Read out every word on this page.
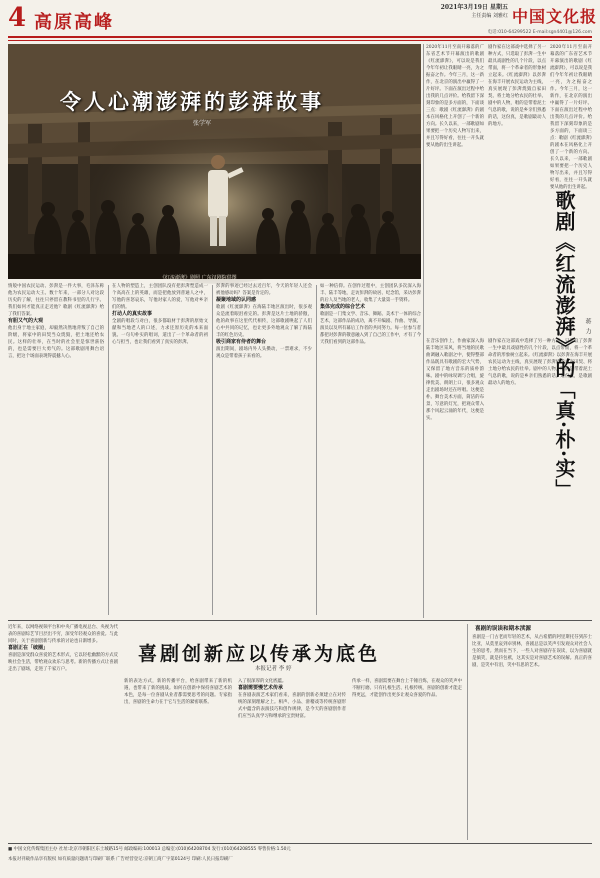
4 高原高峰
2021年3月19日 星期五
主任责编 刘雅红 中国文化报
电话:010-64299522 E-mail:sgn4401@126.com
令人心潮澎湃的彭湃故事
张学军
《红流澎湃》剧照 广东汉剧院供图
2020年11月至南开幕落的广东省艺术节开幕演出的歌剧《红流澎湃》，可以说是我们今年年初让我眼睛一亮，为之振奋之作。今年三月，这一新作，在北京的演出中赢得了一片好评。下面在演出过程中给出我的几点评价。给我留下深刻印象的是多方面的，下面谈三点：歌剧《红流澎湃》的剧本在风格化上开创了一个新的方向。长久以来，一部歌剧如果要把一个历史人物写出来，并且写得好看，往往一开头就要从他的出生讲起。
剧作家在这部戏中选择了另一种方式，只选取了彭湃一生中最具戏剧性的几个片段，以点带面，将一个革命者的形象树立起来。《红流澎湃》以彭湃在海丰开展农民运动为主线，真实展现了彭湃烧毁自家田契、将土地分给农民的壮举。剧中的人物，唱的是带着泥土气息的歌，说的是乡亲们熟悉的话，这份真，是歌剧最动人的地方。
在音乐创作上，作曲家深入海陆丰地区采风，将当地的民歌曲调融入歌剧之中，使得整部作品既具有歌剧的宏大气势，又保留了地方音乐的质朴韵味。剧中的咏叹调与合唱，旋律优美、朗朗上口，很多观众走出剧场时还在哼唱。这便是朴。舞台美术方面，简洁的布景，写意的灯光，把观众带入那个风起云涌的年代，这便是实。
剧作家在这部戏中选择了另一种方式，只选取了彭湃一生中最具戏剧性的几个片段，以点带面，将一个革命者的形象树立起来。《红流澎湃》以彭湃在海丰开展农民运动为主线，真实展现了彭湃烧毁自家田契、将土地分给农民的壮举。剧中的人物，唱的是带着泥土气息的歌，说的是乡亲们熟悉的话，这份真，是歌剧最动人的地方。
2020年11月至南开幕落的广东省艺术节开幕演出的歌剧《红流澎湃》，可以说是我们今年年初让我眼睛一亮，为之振奋之作。今年三月，这一新作，在北京的演出中赢得了一片好评。下面在演出过程中给出我的几点评价。给我留下深刻印象的是多方面的，下面谈三点：歌剧《红流澎湃》的剧本在风格化上开创了一个新的方向。长久以来，一部歌剧如果要把一个历史人物写出来，并且写得好看，往往一开头就要从他的出生讲起。
歌剧《红流澎湃》的「真·朴·实」	蒋力
情般中国农民运动、彭湃是一件大事，毛泽东称他为农民运动大王。数十年来，一部分人对这段历史的了解，往往只停留在教科书里的几行字。我们如何才能真正走近他？歌剧《红流澎湃》给了我们答案。
有胆又气的大观
他出身于地主家庭，却毅然决然地背叛了自己的阶级，将家中的田契当众烧毁，把土地还给农民。这样的壮举，在当时的社会里是惊世骇俗的，也是需要巨大勇气的。这部歌剧用舞台语言，把这个场面表现得震撼人心。
在人物的塑造上，主创团队没有把彭湃塑造成一个高高在上的英雄，而是把他放到普通人之中，写他的喜怒哀乐，写他对家人的爱，写他对乡亲们的情。
打动人的真实故事
全剧的唱段与对白，很多都取材于彭湃的原始文献和当地老人的口述，力求还原历史的本来面貌。一句句朴实的唱词，道出了一个革命者的初心与担当，也让我们看到了真实的彭湃。
彭湃的事迹已经过去近百年，今天的年轻人还会被他感动吗？答案是肯定的。
凝聚地域的认同感
歌剧《红流澎湃》在海陆丰地区演出时，很多观众是流着眼泪看完的。彭湃是这片土地的骄傲，他的故事在这里代代相传，这部歌剧唤起了人们心中共同的记忆，也让更多外地观众了解了海陆丰的红色历史。
吸引商家有侍者的舞台
演出期间，剧场内外人头攒动，一票难求，不少观众是带着孩子来看的。
如一种信仰。在创作过程中，主创团队多次深入海丰、陆丰等地，走访彭湃的故居、纪念馆，采访彭湃的后人及当地的老人，收集了大量第一手资料。
集体完成的综合艺术
歌剧是一门集文学、音乐、舞蹈、美术于一体的综合艺术，这部作品的成功，离不开编剧、作曲、导演、演员以及所有幕后工作者的共同努力。每一位参与者都把对彭湃的敬意融入到了自己的工作中，才有了今天我们看到的这部作品。
近年来，以网络视频平台和中央广播电视总台、央视为代表的喜剧综艺节目层出不穷，深受年轻观众的喜爱。与此同时，关于喜剧创新与传承的讨论也日渐增多。
喜剧正在「破圈」
喜剧是深受群众喜爱的艺术形式，它以轻松幽默的方式反映社会生活，带给观众欢乐与思考。新的传播方式让喜剧走出了剧场，走进了千家万户。
喜剧创新应以传承为底色
本报记者 李 婷
新的表达方式，新的传播平台，给喜剧带来了新的机遇，也带来了新的挑战。如何在创新中保持喜剧艺术的本色，是每一位喜剧从业者都需要思考的问题。专家指出，喜剧的生命力在于它与生活的紧密联系。
入了很深厚的文化底蕴。
喜剧需要慢艺术传承
在喜剧表演艺术家们看来，喜剧的创新必须建立在对传统的深刻理解之上。相声、小品、滑稽戏等传统喜剧形式中蕴含的表演技巧和创作规律，是今天的喜剧创作者们应当认真学习和继承的宝贵财富。
传承一样，喜剧需要在舞台上千锤百炼，在观众的笑声中不断打磨。只有扎根生活、扎根传统，喜剧的创新才能走得更远，才能创作出更多让观众喜爱的作品。
喜剧的误读和期本渎源
喜剧是一门古老而年轻的艺术，从古希腊的阿里斯托芬到莎士比亚，从莫里哀到卓别林，喜剧总是以笑声引发观众对社会人生的思考。然而在当下，一些人对喜剧存在误读，以为喜剧就是搞笑，就是抖包袱，这其实是对喜剧艺术的误解。真正的喜剧，是笑中有泪，笑中有思的艺术。
■ 中国文化传媒集团主办 社址:北京市朝阳区东土城路15号 邮政编码:100013 总编室:(010)64208704 发行:(010)64208555 零售价格:1.50元
本报对刊载作品享有版权 如有质量问题请与印刷厂联系 广告经营登记:京朝工商广字第0124号 印刷:人民日报印刷厂
